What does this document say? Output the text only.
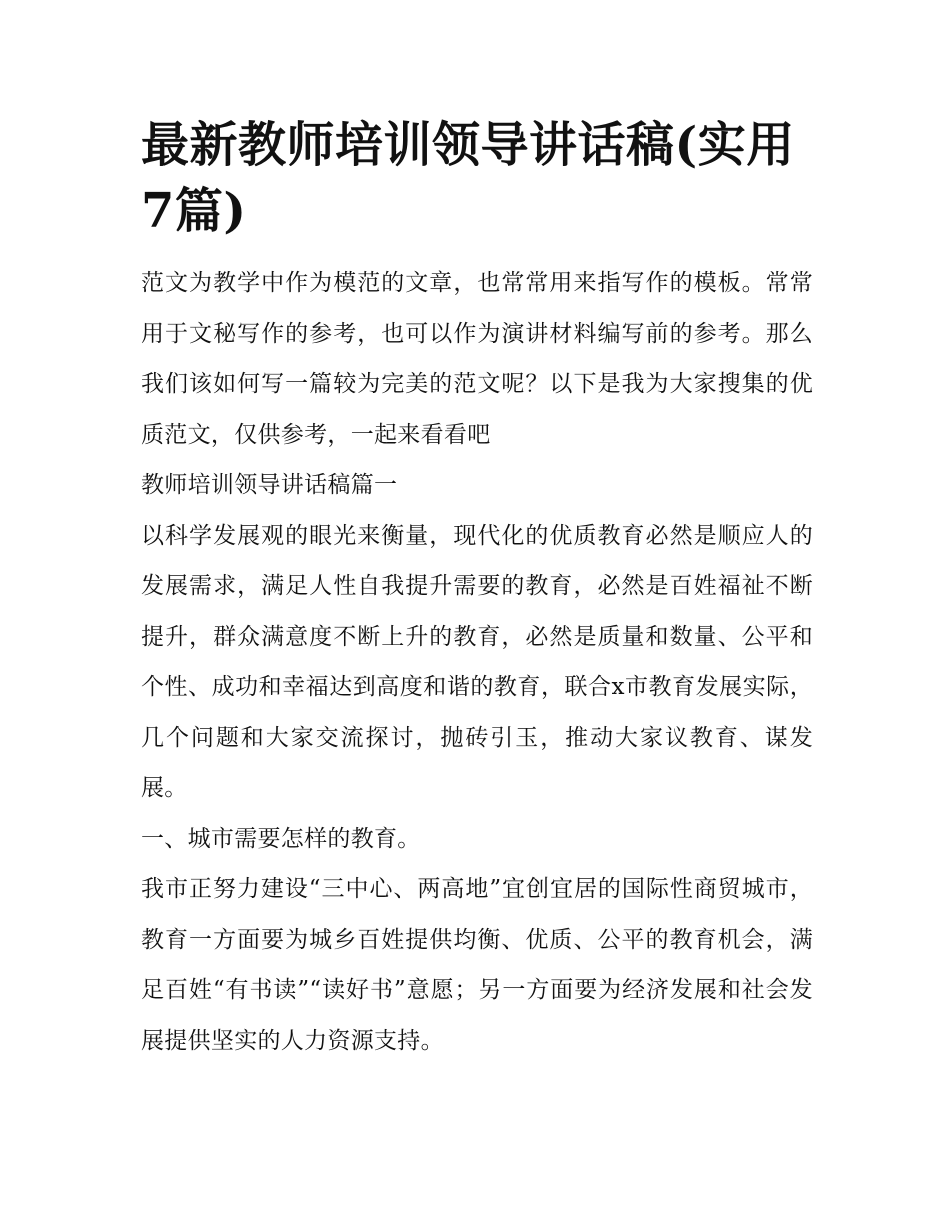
最新教师培训领导讲话稿(实用7篇)

范文为教学中作为模范的文章，也常常用来指写作的模板。常常用于文秘写作的参考，也可以作为演讲材料编写前的参考。那么我们该如何写一篇较为完美的范文呢？以下是我为大家搜集的优质范文，仅供参考，一起来看看吧

教师培训领导讲话稿篇一

以科学发展观的眼光来衡量，现代化的优质教育必然是顺应人的发展需求，满足人性自我提升需要的教育，必然是百姓福祉不断提升，群众满意度不断上升的教育，必然是质量和数量、公平和个性、成功和幸福达到高度和谐的教育，联合x市教育发展实际，几个问题和大家交流探讨，抛砖引玉，推动大家议教育、谋发展。

一、城市需要怎样的教育。

我市正努力建设“三中心、两高地”宜创宜居的国际性商贸城市，教育一方面要为城乡百姓提供均衡、优质、公平的教育机会，满足百姓“有书读”“读好书”意愿；另一方面要为经济发展和社会发展提供坚实的人力资源支持。
